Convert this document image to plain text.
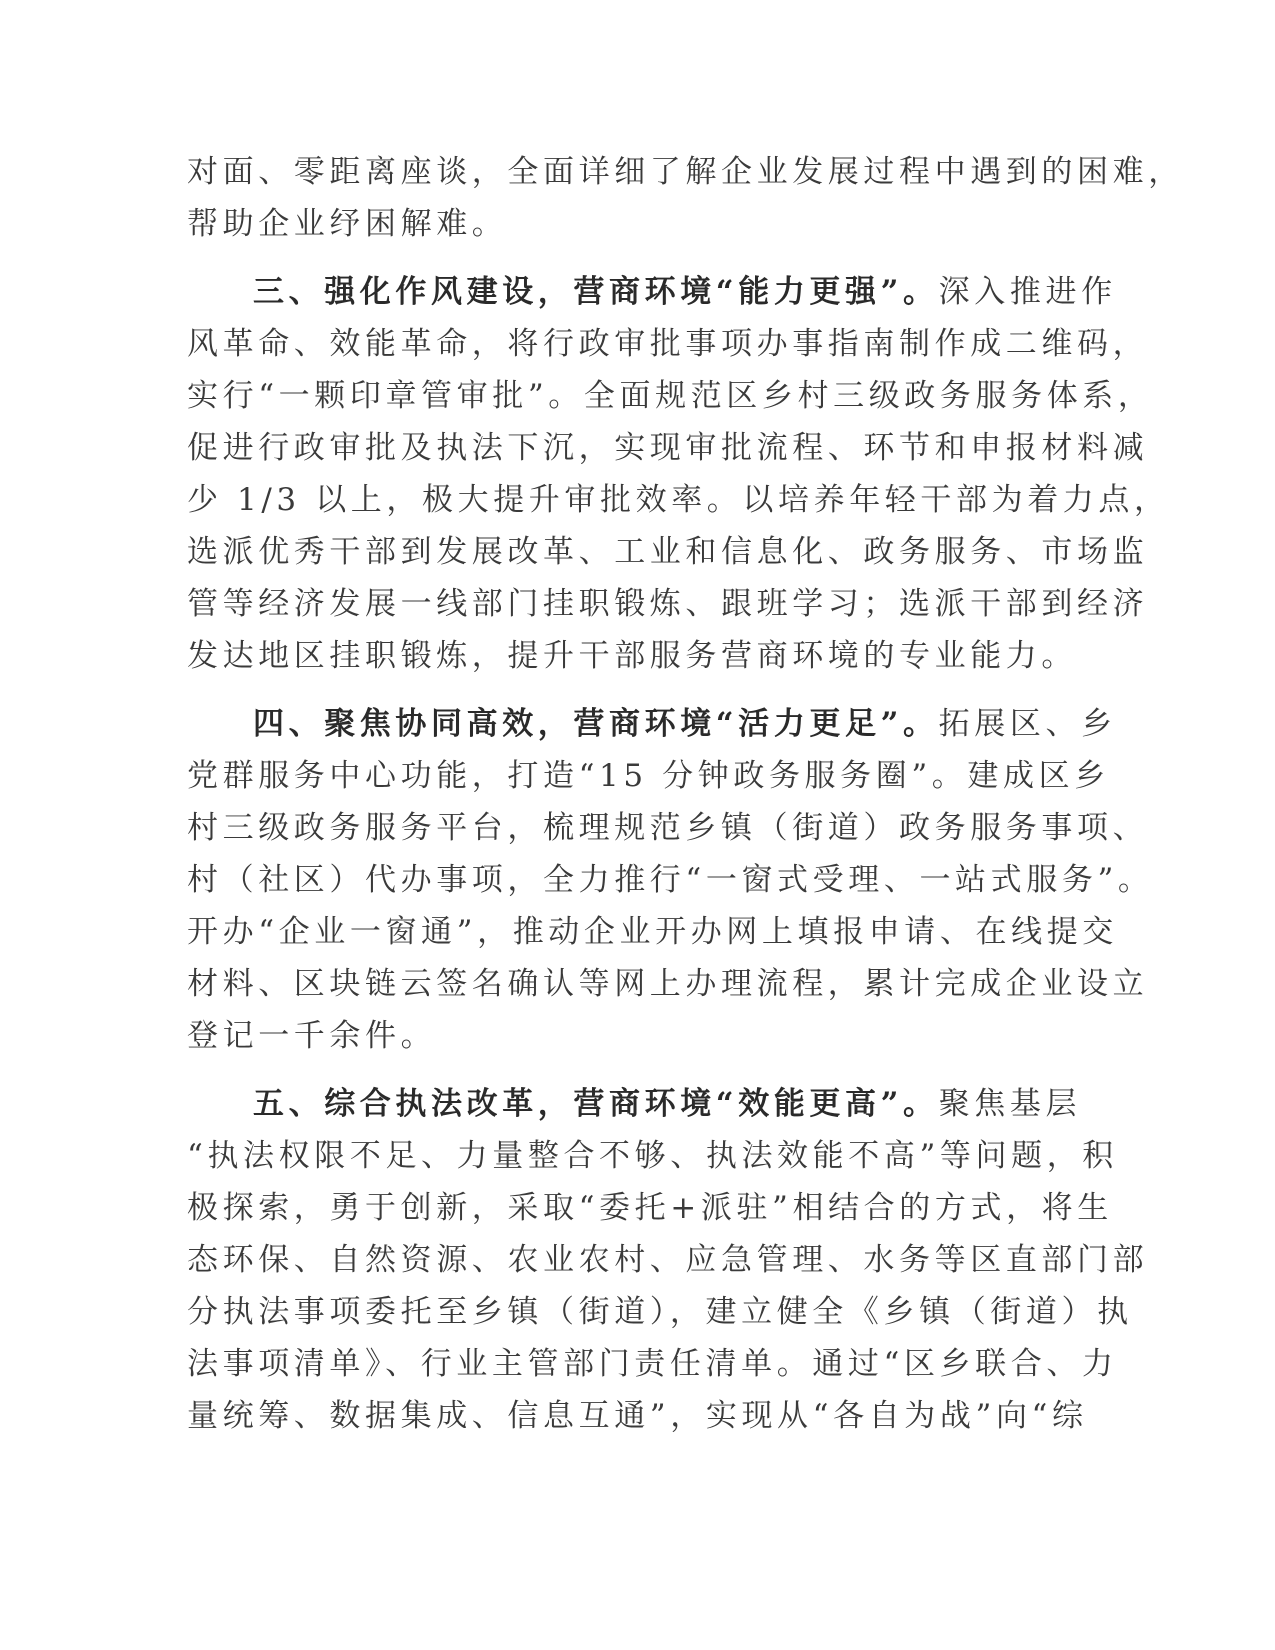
对面、零距离座谈，全面详细了解企业发展过程中遇到的困难，
帮助企业纾困解难。
三、强化作风建设，营商环境“能力更强”。深入推进作
风革命、效能革命，将行政审批事项办事指南制作成二维码，
实行“一颗印章管审批”。全面规范区乡村三级政务服务体系，
促进行政审批及执法下沉，实现审批流程、环节和申报材料减
少 1/3 以上，极大提升审批效率。以培养年轻干部为着力点，
选派优秀干部到发展改革、工业和信息化、政务服务、市场监
管等经济发展一线部门挂职锻炼、跟班学习；选派干部到经济
发达地区挂职锻炼，提升干部服务营商环境的专业能力。
四、聚焦协同高效，营商环境“活力更足”。拓展区、乡
党群服务中心功能，打造“15 分钟政务服务圈”。建成区乡
村三级政务服务平台，梳理规范乡镇（街道）政务服务事项、
村（社区）代办事项，全力推行“一窗式受理、一站式服务”。
开办“企业一窗通”，推动企业开办网上填报申请、在线提交
材料、区块链云签名确认等网上办理流程，累计完成企业设立
登记一千余件。
五、综合执法改革，营商环境“效能更高”。聚焦基层
“执法权限不足、力量整合不够、执法效能不高”等问题，积
极探索，勇于创新，采取“委托+派驻”相结合的方式，将生
态环保、自然资源、农业农村、应急管理、水务等区直部门部
分执法事项委托至乡镇（街道），建立健全《乡镇（街道）执
法事项清单》、行业主管部门责任清单。通过“区乡联合、力
量统筹、数据集成、信息互通”，实现从“各自为战”向“综
